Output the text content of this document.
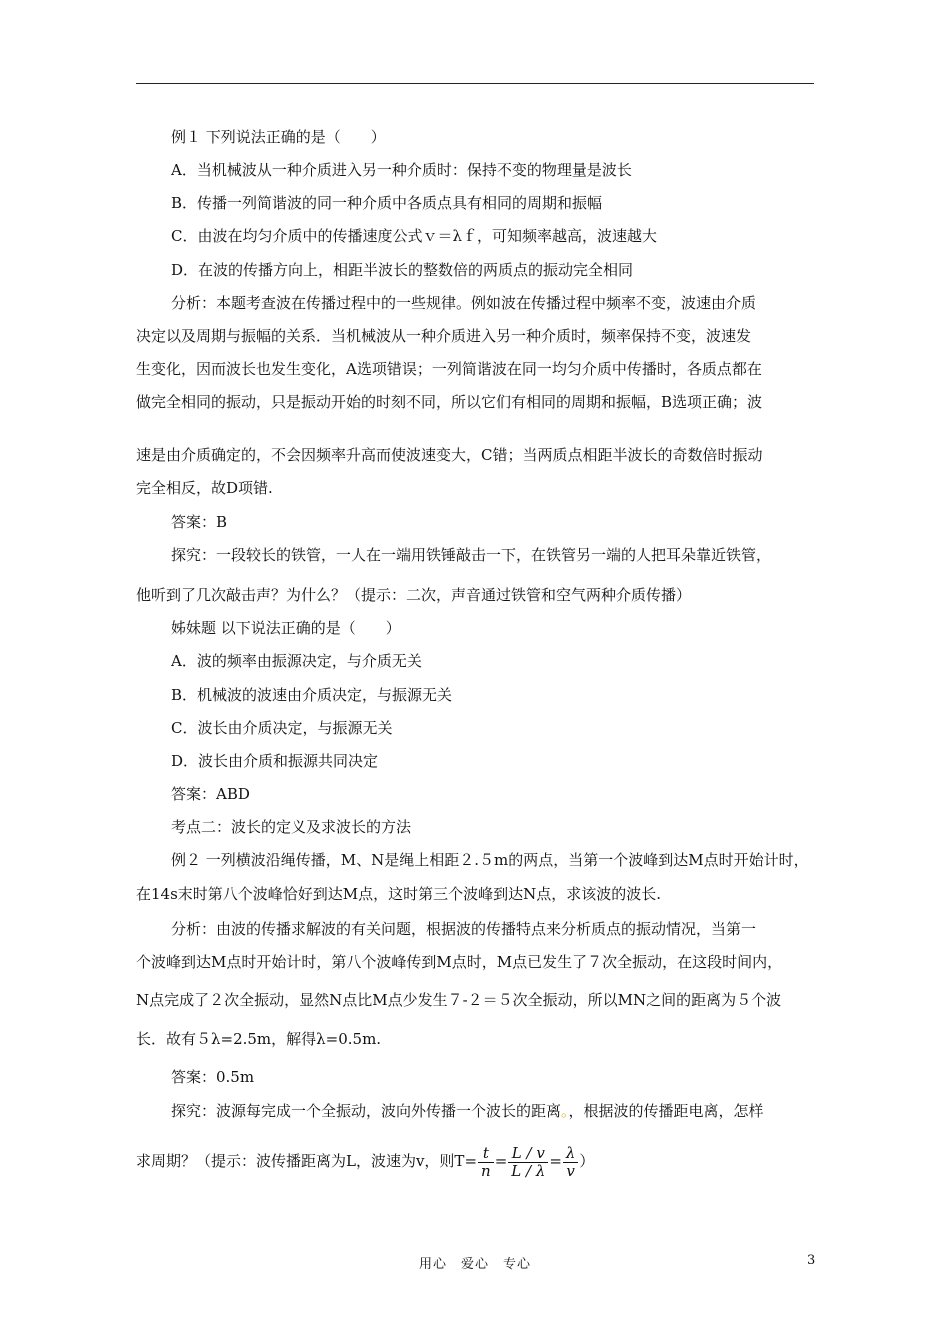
例１ 下列说法正确的是（　　）
A．当机械波从一种介质进入另一种介质时：保持不变的物理量是波长
B．传播一列简谐波的同一种介质中各质点具有相同的周期和振幅
C．由波在均匀介质中的传播速度公式ｖ＝λｆ，可知频率越高，波速越大
D．在波的传播方向上，相距半波长的整数倍的两质点的振动完全相同
分析：本题考查波在传播过程中的一些规律。例如波在传播过程中频率不变，波速由介质
决定以及周期与振幅的关系．当机械波从一种介质进入另一种介质时，频率保持不变，波速发
生变化，因而波长也发生变化，A选项错误；一列简谐波在同一均匀介质中传播时，各质点都在
做完全相同的振动，只是振动开始的时刻不同，所以它们有相同的周期和振幅，B选项正确；波
速是由介质确定的，不会因频率升高而使波速变大，C错；当两质点相距半波长的奇数倍时振动
完全相反，故D项错.
答案：B
探究：一段较长的铁管，一人在一端用铁锤敲击一下，在铁管另一端的人把耳朵靠近铁管，
他听到了几次敲击声？为什么？（提示：二次，声音通过铁管和空气两种介质传播）
姊妹题 以下说法正确的是（　　）
A．波的频率由振源决定，与介质无关
B．机械波的波速由介质决定，与振源无关
C．波长由介质决定，与振源无关
D．波长由介质和振源共同决定
答案：ABD
考点二：波长的定义及求波长的方法
例２ 一列横波沿绳传播，M、N是绳上相距２.５m的两点，当第一个波峰到达M点时开始计时，
在14s末时第八个波峰恰好到达M点，这时第三个波峰到达N点，求该波的波长.
分析：由波的传播求解波的有关问题，根据波的传播特点来分析质点的振动情况，当第一
个波峰到达M点时开始计时，第八个波峰传到M点时，M点已发生了７次全振动，在这段时间内，
N点完成了２次全振动，显然N点比M点少发生７-２＝５次全振动，所以MN之间的距离为５个波
长．故有５λ=2.5m，解得λ=0.5m.
答案：0.5m
探究：波源每完成一个全振动，波向外传播一个波长的距离。，根据波的传播距电离，怎样
求周期？（提示：波传播距离为L，波速为v，则$T= \frac{t}{n} = \frac{L / v}{L / \lambda} = \frac{\lambda}{v}$ ）
用心　爱心　专心	3
